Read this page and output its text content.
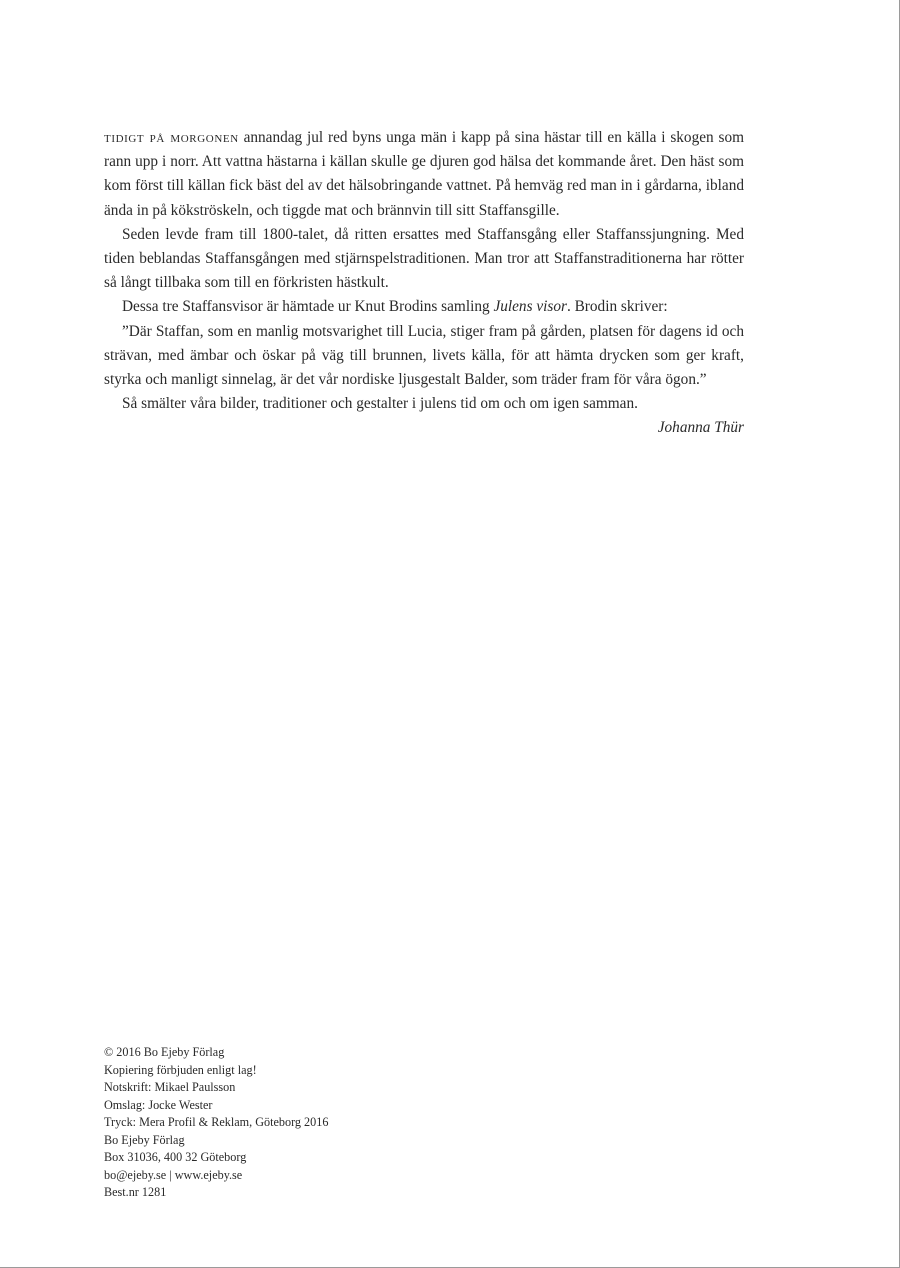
tidigt på morgonen annandag jul red byns unga män i kapp på sina hästar till en källa i skogen som rann upp i norr. Att vattna hästarna i källan skulle ge djuren god hälsa det kommande året. Den häst som kom först till källan fick bäst del av det hälsobringande vattnet. På hemväg red man in i gårdarna, ibland ända in på kökströskeln, och tiggde mat och brännvin till sitt Staffansgille.

Seden levde fram till 1800-talet, då ritten ersattes med Staffansgång eller Staffanssjungning. Med tiden beblandas Staffansgången med stjärnspelstraditionen. Man tror att Staffanstraditionerna har rötter så långt tillbaka som till en förkristen hästkult.

Dessa tre Staffansvisor är hämtade ur Knut Brodins samling Julens visor. Brodin skriver:

”Där Staffan, som en manlig motsvarighet till Lucia, stiger fram på gården, platsen för dagens id och strävan, med ämbar och öskar på väg till brunnen, livets källa, för att hämta drycken som ger kraft, styrka och manligt sinnelag, är det vår nordiske ljusgestalt Balder, som träder fram för våra ögon.”

Så smälter våra bilder, traditioner och gestalter i julens tid om och om igen samman.

Johanna Thür

© 2016 Bo Ejeby Förlag
Kopiering förbjuden enligt lag!
Notskrift: Mikael Paulsson
Omslag: Jocke Wester
Tryck: Mera Profil & Reklam, Göteborg 2016
Bo Ejeby Förlag
Box 31036, 400 32 Göteborg
bo@ejeby.se | www.ejeby.se
Best.nr 1281
